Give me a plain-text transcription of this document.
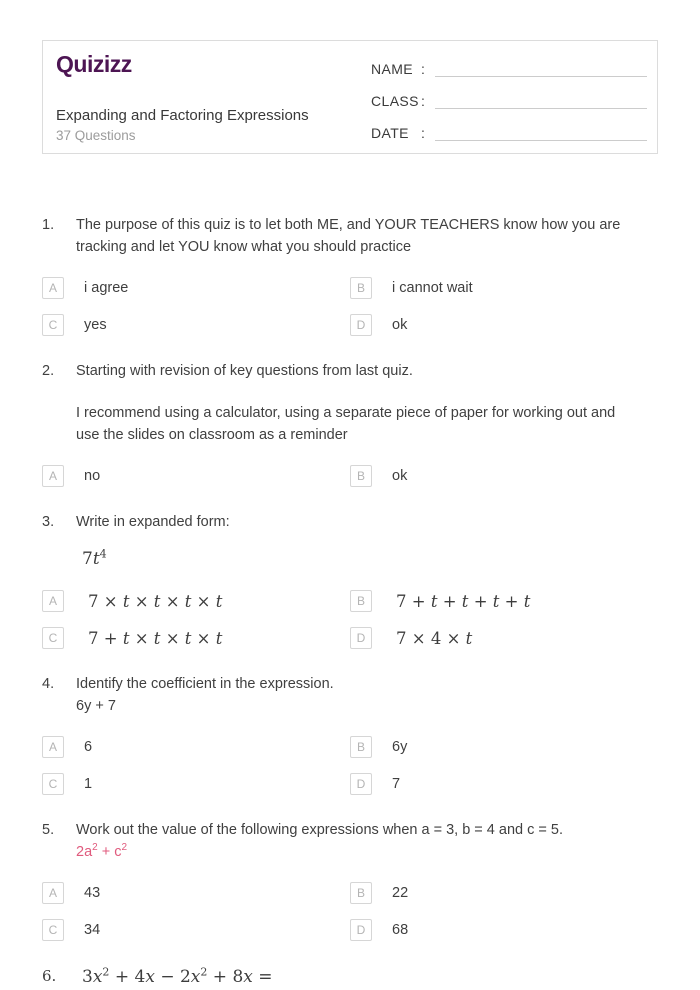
Quizizz
Expanding and Factoring Expressions
37 Questions
NAME :
CLASS :
DATE :
1.	The purpose of this quiz is to let both ME, and YOUR TEACHERS know how you are
tracking and let YOU know what you should practice
A	i agree	B	i cannot wait
C	yes	D	ok
2.	Starting with revision of key questions from last quiz.
I recommend using a calculator, using a separate piece of paper for working out and
use the slides on classroom as a reminder
A	no	B	ok
3.	Write in expanded form:
$7t^4$
A	7 × t × t × t × t	B	7 + t + t + t + t
C	7 + t × t × t × t	D	7 × 4 × t
4.	Identify the coefficient in the expression.
6y + 7
A	6	B	6y
C	1	D	7
5.	Work out the value of the following expressions when a = 3, b = 4 and c = 5.
$2a^2 + c^2$
A	43	B	22
C	34	D	68
6.	$3x^2 + 4x - 2x^2 + 8x$ =
